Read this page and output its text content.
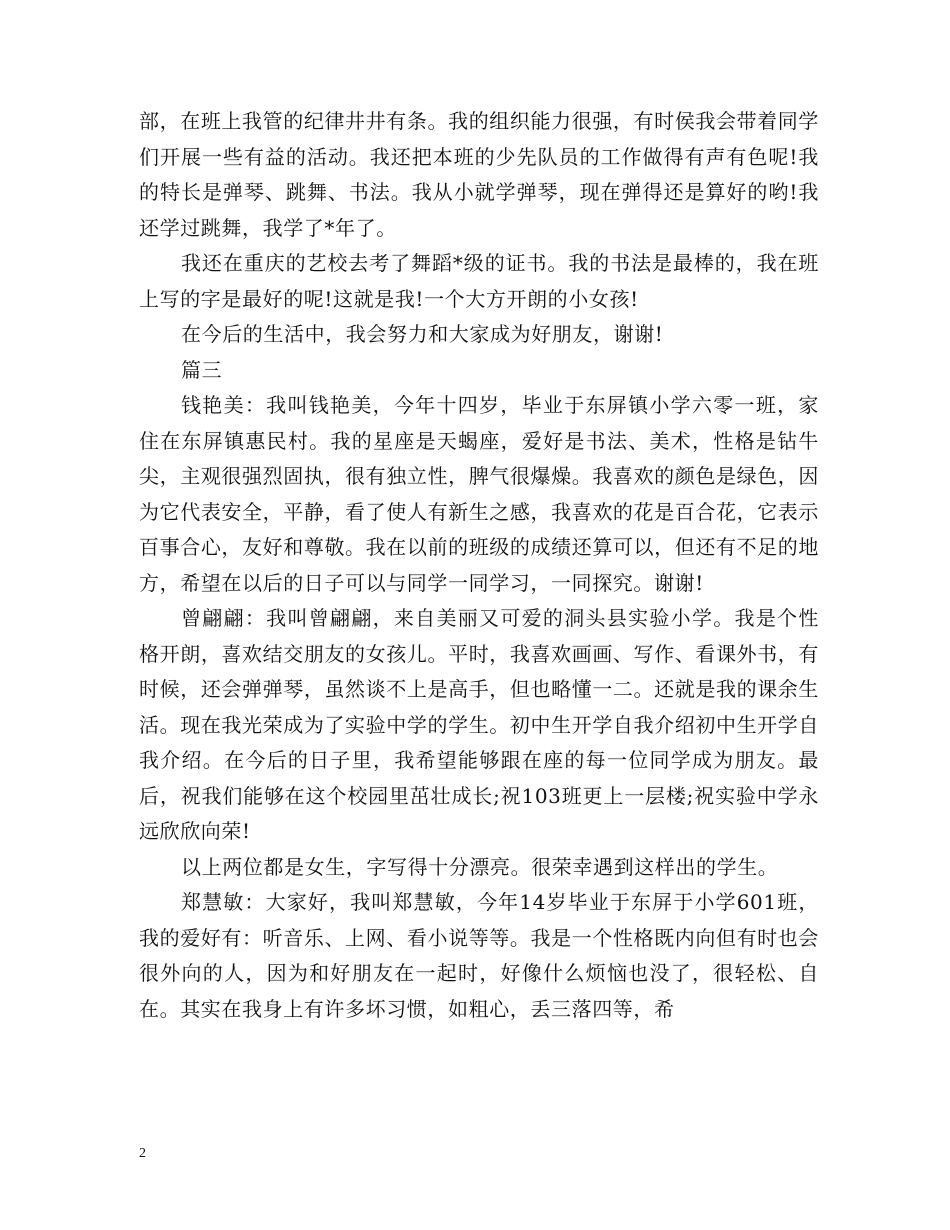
部，在班上我管的纪律井井有条。我的组织能力很强，有时侯我会带着同学们开展一些有益的活动。我还把本班的少先队员的工作做得有声有色呢!我的特长是弹琴、跳舞、书法。我从小就学弹琴，现在弹得还是算好的哟!我还学过跳舞，我学了*年了。

我还在重庆的艺校去考了舞蹈*级的证书。我的书法是最棒的，我在班上写的字是最好的呢!这就是我!一个大方开朗的小女孩!

在今后的生活中，我会努力和大家成为好朋友，谢谢!

篇三

钱艳美：我叫钱艳美，今年十四岁，毕业于东屏镇小学六零一班，家住在东屏镇惠民村。我的星座是天蝎座，爱好是书法、美术，性格是钻牛尖，主观很强烈固执，很有独立性，脾气很爆燥。我喜欢的颜色是绿色，因为它代表安全，平静，看了使人有新生之感，我喜欢的花是百合花，它表示百事合心，友好和尊敬。我在以前的班级的成绩还算可以，但还有不足的地方，希望在以后的日子可以与同学一同学习，一同探究。谢谢!

曾翩翩：我叫曾翩翩，来自美丽又可爱的洞头县实验小学。我是个性格开朗，喜欢结交朋友的女孩儿。平时，我喜欢画画、写作、看课外书，有时候，还会弹弹琴，虽然谈不上是高手，但也略懂一二。还就是我的课余生活。现在我光荣成为了实验中学的学生。初中生开学自我介绍初中生开学自我介绍。在今后的日子里，我希望能够跟在座的每一位同学成为朋友。最后，祝我们能够在这个校园里茁壮成长;祝103班更上一层楼;祝实验中学永远欣欣向荣!

以上两位都是女生，字写得十分漂亮。很荣幸遇到这样出的学生。

郑慧敏：大家好，我叫郑慧敏，今年14岁毕业于东屏于小学601班，我的爱好有：听音乐、上网、看小说等等。我是一个性格既内向但有时也会很外向的人，因为和好朋友在一起时，好像什么烦恼也没了，很轻松、自在。其实在我身上有许多坏习惯，如粗心，丢三落四等，希

2
